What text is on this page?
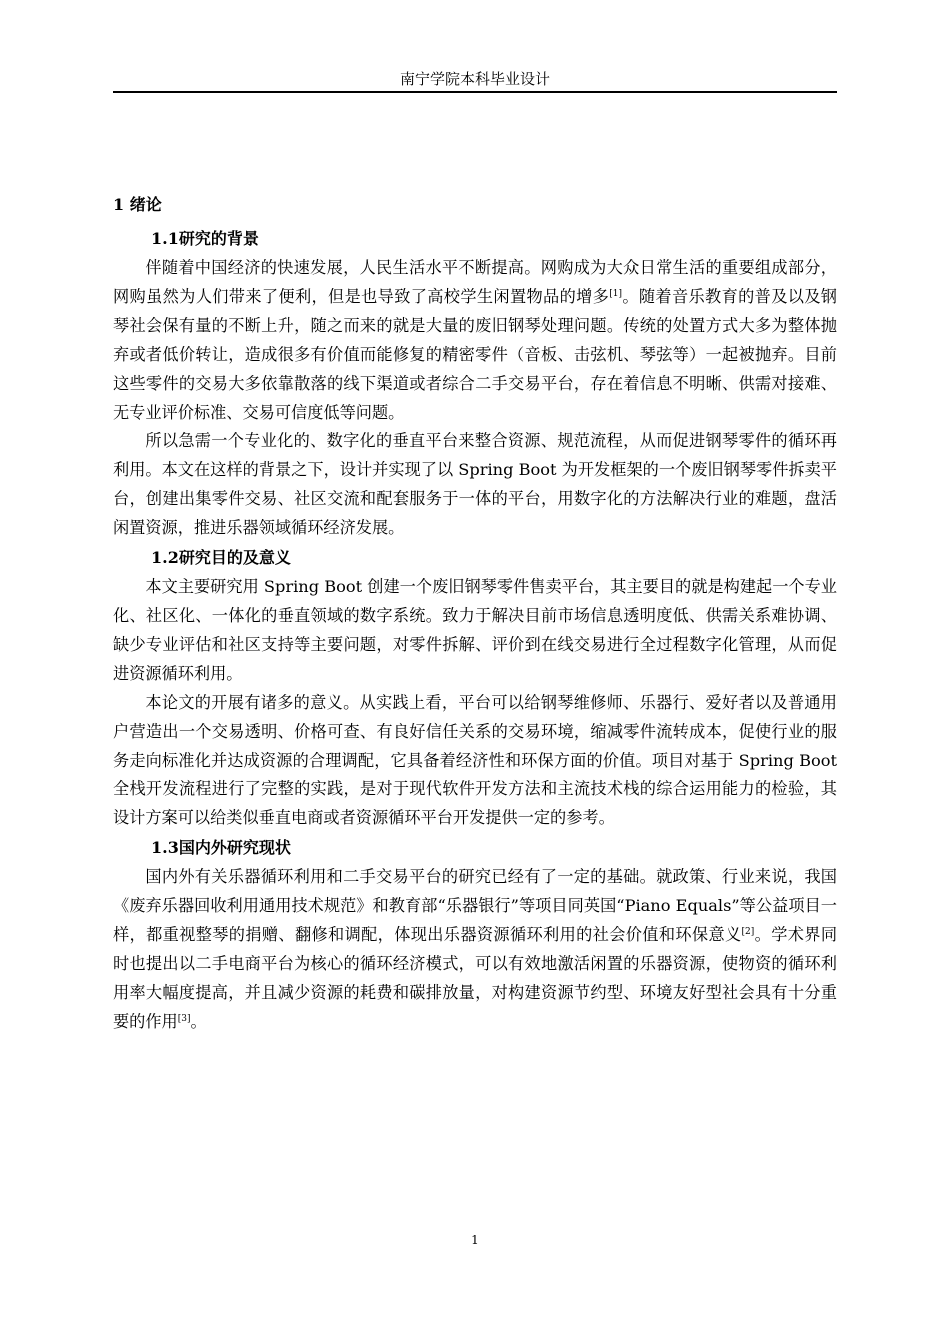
南宁学院本科毕业设计
1 绪论
1.1研究的背景

伴随着中国经济的快速发展，人民生活水平不断提高。网购成为大众日常生活的重要组成部分，网购虽然为人们带来了便利，但是也导致了高校学生闲置物品的增多[1]。随着音乐教育的普及以及钢琴社会保有量的不断上升，随之而来的就是大量的废旧钢琴处理问题。传统的处置方式大多为整体抛弃或者低价转让，造成很多有价值而能修复的精密零件（音板、击弦机、琴弦等）一起被抛弃。目前这些零件的交易大多依靠散落的线下渠道或者综合二手交易平台，存在着信息不明晰、供需对接难、无专业评价标准、交易可信度低等问题。

所以急需一个专业化的、数字化的垂直平台来整合资源、规范流程，从而促进钢琴零件的循环再利用。本文在这样的背景之下，设计并实现了以 Spring Boot 为开发框架的一个废旧钢琴零件拆卖平台，创建出集零件交易、社区交流和配套服务于一体的平台，用数字化的方法解决行业的难题，盘活闲置资源，推进乐器领域循环经济发展。

1.2研究目的及意义

本文主要研究用 Spring Boot 创建一个废旧钢琴零件售卖平台，其主要目的就是构建起一个专业化、社区化、一体化的垂直领域的数字系统。致力于解决目前市场信息透明度低、供需关系难协调、缺少专业评估和社区支持等主要问题，对零件拆解、评价到在线交易进行全过程数字化管理，从而促进资源循环利用。

本论文的开展有诸多的意义。从实践上看，平台可以给钢琴维修师、乐器行、爱好者以及普通用户营造出一个交易透明、价格可查、有良好信任关系的交易环境，缩减零件流转成本，促使行业的服务走向标准化并达成资源的合理调配，它具备着经济性和环保方面的价值。项目对基于 Spring Boot 全栈开发流程进行了完整的实践，是对于现代软件开发方法和主流技术栈的综合运用能力的检验，其设计方案可以给类似垂直电商或者资源循环平台开发提供一定的参考。

1.3国内外研究现状

国内外有关乐器循环利用和二手交易平台的研究已经有了一定的基础。就政策、行业来说，我国《废弃乐器回收利用通用技术规范》和教育部“乐器银行”等项目同英国“Piano Equals”等公益项目一样，都重视整琴的捐赠、翻修和调配，体现出乐器资源循环利用的社会价值和环保意义[2]。学术界同时也提出以二手电商平台为核心的循环经济模式，可以有效地激活闲置的乐器资源，使物资的循环利用率大幅度提高，并且减少资源的耗费和碳排放量，对构建资源节约型、环境友好型社会具有十分重要的作用[3]。

1
